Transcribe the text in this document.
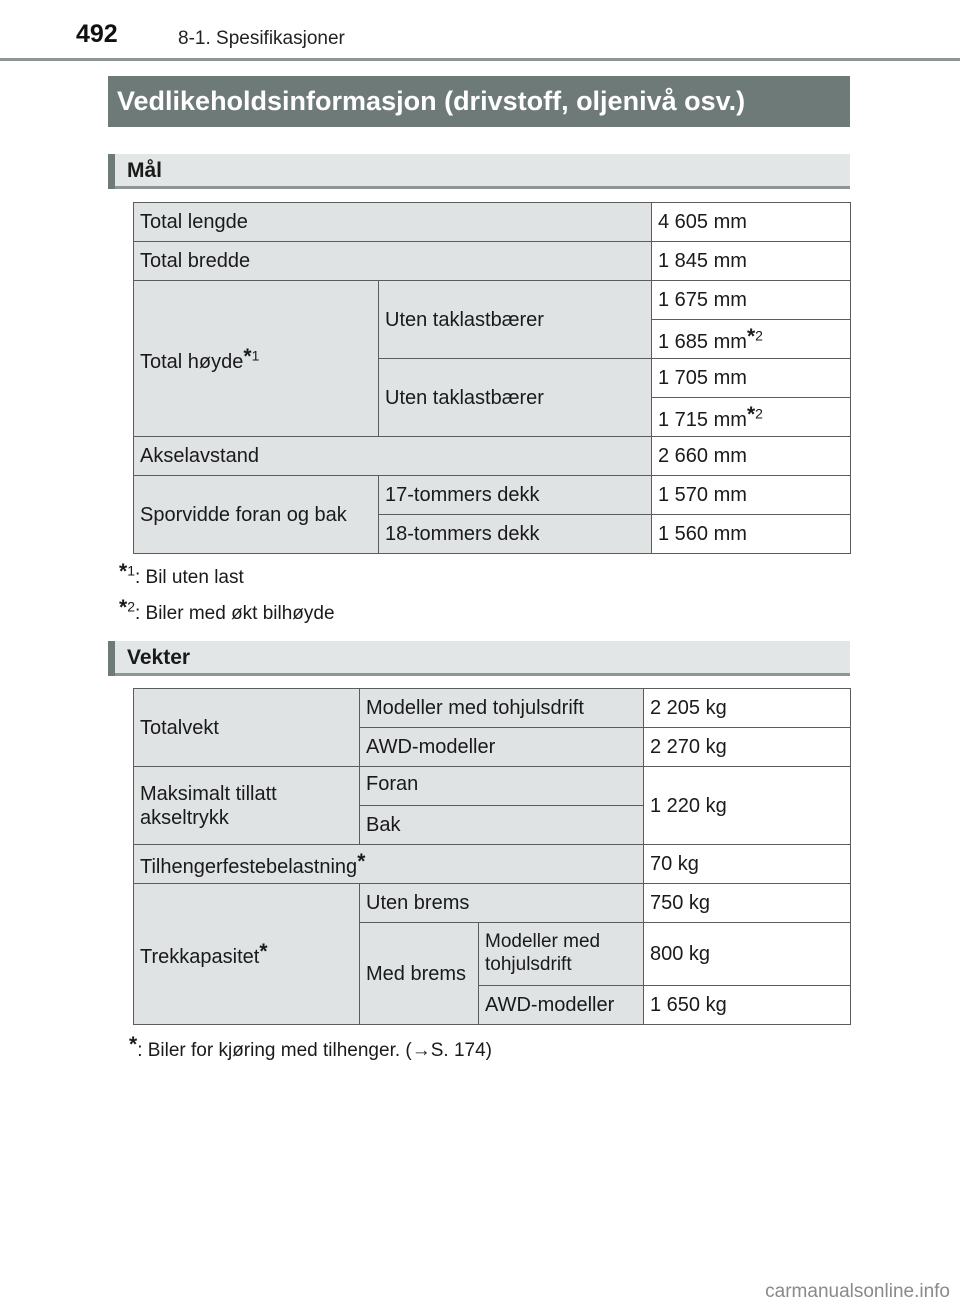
492	8-1. Spesifikasjoner
Vedlikeholdsinformasjon (drivstoff, oljenivå osv.)
Mål
Total lengde		4 605 mm
Total bredde		1 845 mm
Total høyde*$^1$	Uten taklastbærer	1 675 mm
		1 685 mm*$^2$
	Uten taklastbærer	1 705 mm
		1 715 mm*$^2$
Akselavstand		2 660 mm
Sporvidde foran og bak	17-tommers dekk	1 570 mm
	18-tommers dekk	1 560 mm
*$^1$: Bil uten last
*$^2$: Biler med økt bilhøyde
Vekter
Totalvekt	Modeller med tohjulsdrift		2 205 kg
	AWD-modeller		2 270 kg
Maksimalt tillatt akseltrykk	Foran		1 220 kg
	Bak		
Tilhengerfestebelastning*			70 kg
Trekkapasitet*	Uten brems		750 kg
	Med brems	Modeller med tohjulsdrift	800 kg
		AWD-modeller	1 650 kg
*: Biler for kjøring med tilhenger. (→S. 174)
carmanualsonline.info
